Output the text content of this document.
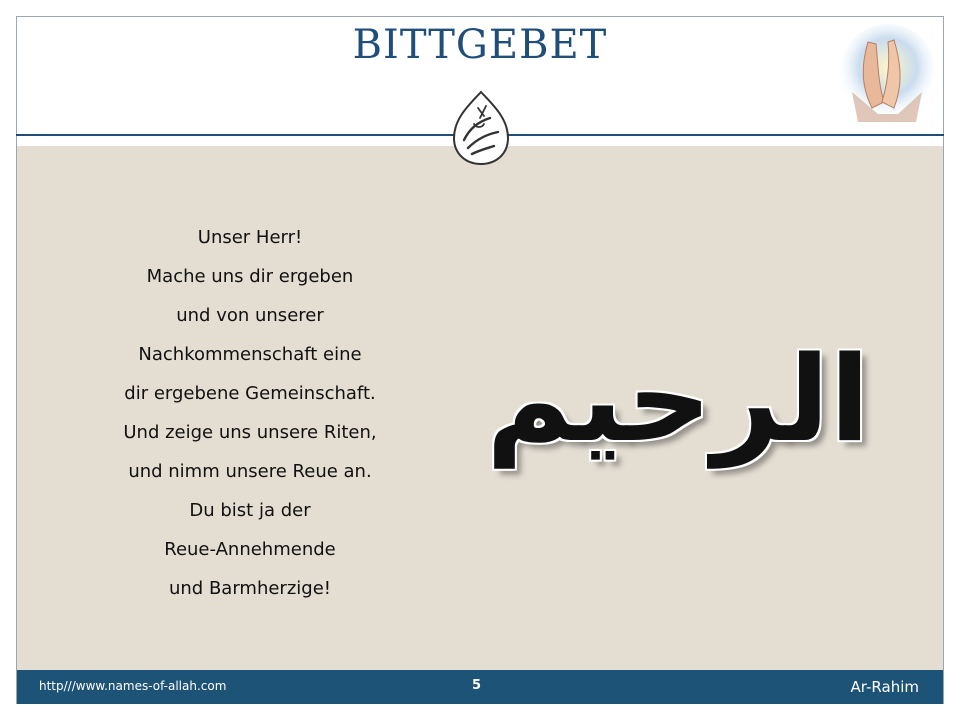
BITTGEBET
Unser Herr!
Mache uns dir ergeben
und von unserer
Nachkommenschaft eine
dir ergebene Gemeinschaft.
Und zeige uns unsere Riten,
und nimm unsere Reue an.
Du bist ja der
Reue-Annehmende
und Barmherzige!
الرحيم
http///www.names-of-allah.com	5	Ar-Rahim
